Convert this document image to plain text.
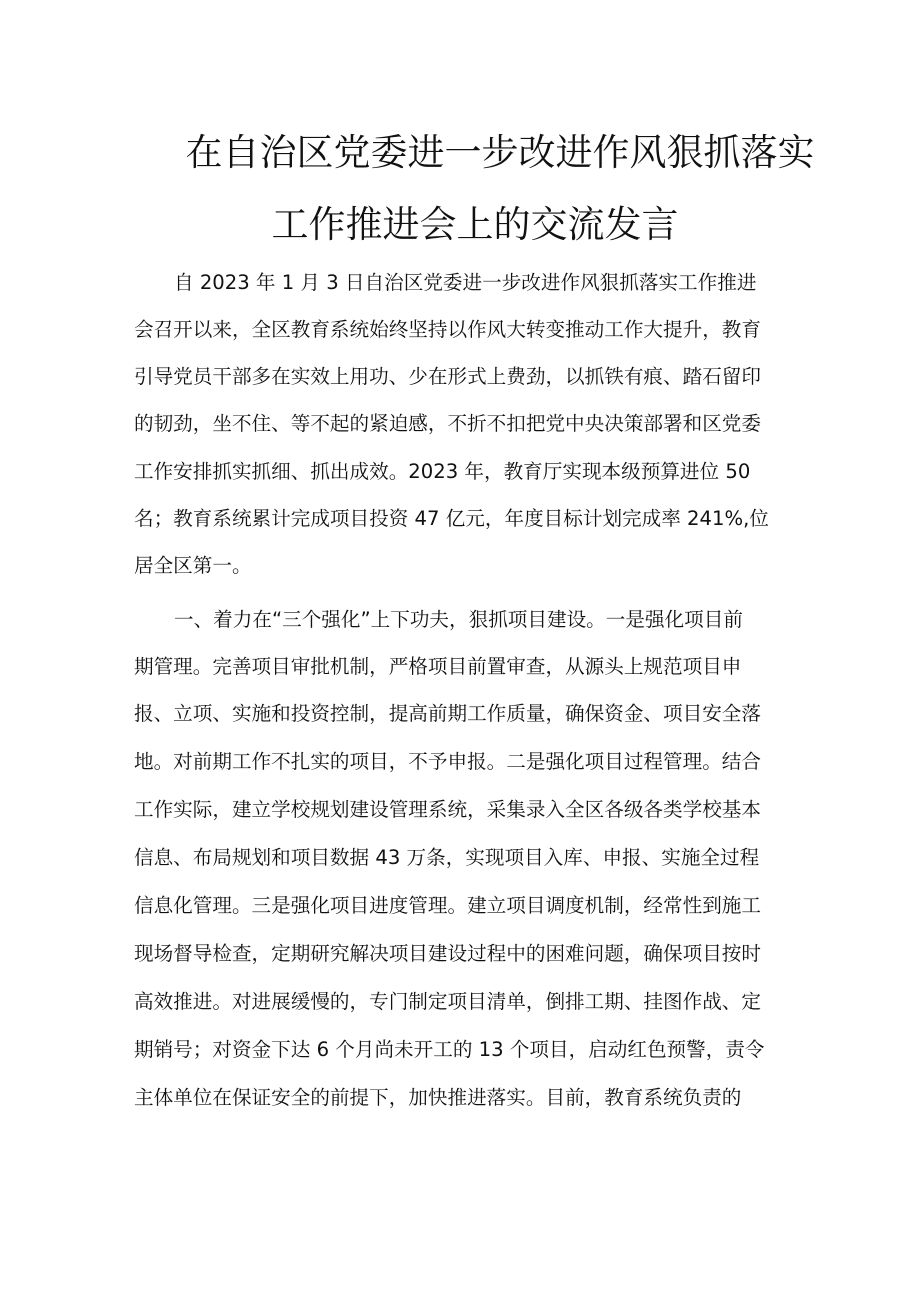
在自治区党委进一步改进作风狠抓落实
工作推进会上的交流发言

自 2023 年 1 月 3 日自治区党委进一步改进作风狠抓落实工作推进

会召开以来，全区教育系统始终坚持以作风大转变推动工作大提升，教育

引导党员干部多在实效上用功、少在形式上费劲，以抓铁有痕、踏石留印

的韧劲，坐不住、等不起的紧迫感，不折不扣把党中央决策部署和区党委

工作安排抓实抓细、抓出成效。2023 年，教育厅实现本级预算进位 50

名；教育系统累计完成项目投资 47 亿元，年度目标计划完成率 241%,位

居全区第一。

一、着力在“三个强化”上下功夫，狠抓项目建设。一是强化项目前

期管理。完善项目审批机制，严格项目前置审查，从源头上规范项目申

报、立项、实施和投资控制，提高前期工作质量，确保资金、项目安全落

地。对前期工作不扎实的项目，不予申报。二是强化项目过程管理。结合

工作实际，建立学校规划建设管理系统，采集录入全区各级各类学校基本

信息、布局规划和项目数据 43 万条，实现项目入库、申报、实施全过程

信息化管理。三是强化项目进度管理。建立项目调度机制，经常性到施工

现场督导检查，定期研究解决项目建设过程中的困难问题，确保项目按时

高效推进。对进展缓慢的，专门制定项目清单，倒排工期、挂图作战、定

期销号；对资金下达 6 个月尚未开工的 13 个项目，启动红色预警，责令

主体单位在保证安全的前提下，加快推进落实。目前，教育系统负责的
